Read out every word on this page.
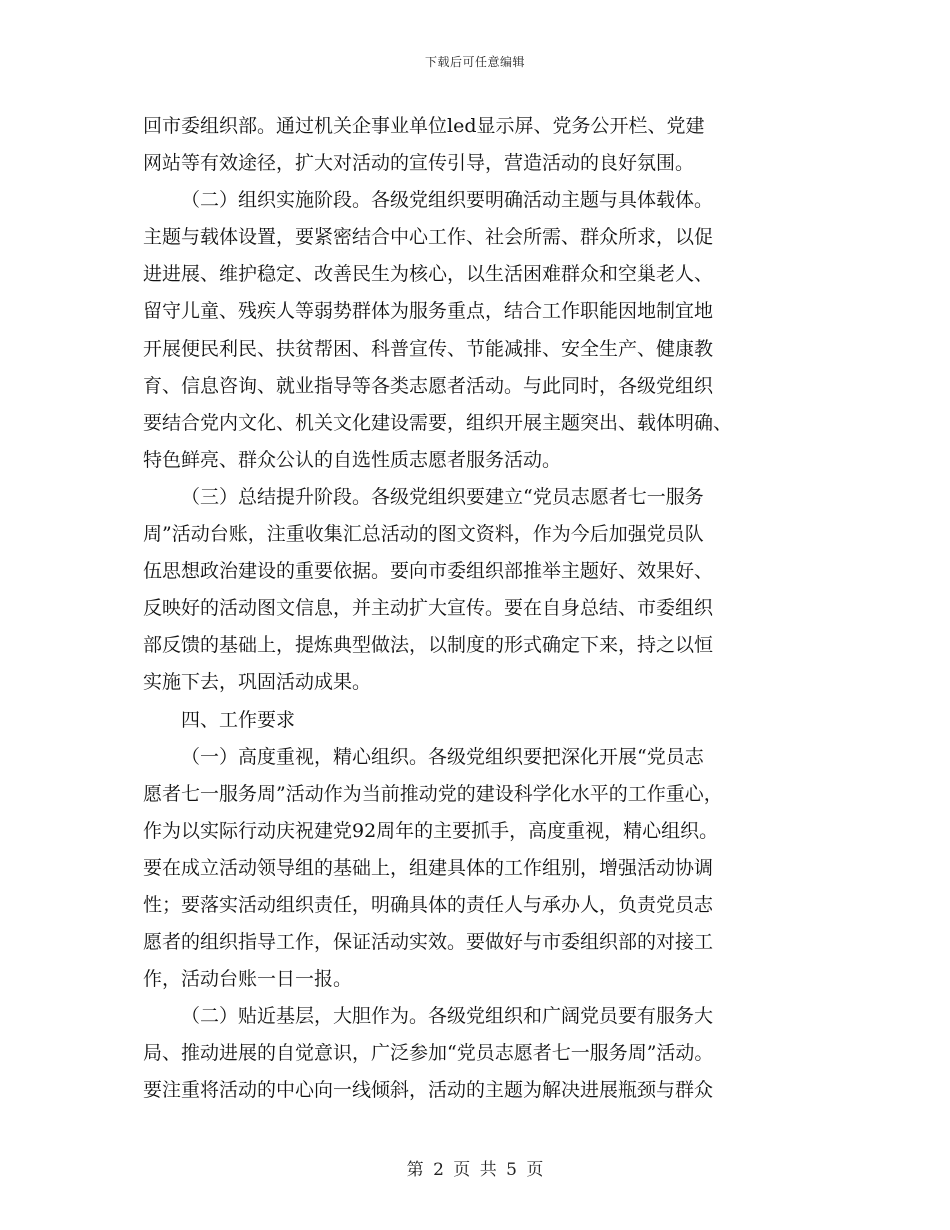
下载后可任意编辑
回市委组织部。通过机关企事业单位led显示屏、党务公开栏、党建
网站等有效途径，扩大对活动的宣传引导，营造活动的良好氛围。
（二）组织实施阶段。各级党组织要明确活动主题与具体载体。
主题与载体设置，要紧密结合中心工作、社会所需、群众所求，以促
进进展、维护稳定、改善民生为核心，以生活困难群众和空巢老人、
留守儿童、残疾人等弱势群体为服务重点，结合工作职能因地制宜地
开展便民利民、扶贫帮困、科普宣传、节能减排、安全生产、健康教
育、信息咨询、就业指导等各类志愿者活动。与此同时，各级党组织
要结合党内文化、机关文化建设需要，组织开展主题突出、载体明确、
特色鲜亮、群众公认的自选性质志愿者服务活动。
（三）总结提升阶段。各级党组织要建立“党员志愿者七一服务
周”活动台账，注重收集汇总活动的图文资料，作为今后加强党员队
伍思想政治建设的重要依据。要向市委组织部推举主题好、效果好、
反映好的活动图文信息，并主动扩大宣传。要在自身总结、市委组织
部反馈的基础上，提炼典型做法，以制度的形式确定下来，持之以恒
实施下去，巩固活动成果。
四、工作要求
（一）高度重视，精心组织。各级党组织要把深化开展“党员志
愿者七一服务周”活动作为当前推动党的建设科学化水平的工作重心，
作为以实际行动庆祝建党92周年的主要抓手，高度重视，精心组织。
要在成立活动领导组的基础上，组建具体的工作组别，增强活动协调
性；要落实活动组织责任，明确具体的责任人与承办人，负责党员志
愿者的组织指导工作，保证活动实效。要做好与市委组织部的对接工
作，活动台账一日一报。
（二）贴近基层，大胆作为。各级党组织和广阔党员要有服务大
局、推动进展的自觉意识，广泛参加“党员志愿者七一服务周”活动。
要注重将活动的中心向一线倾斜，活动的主题为解决进展瓶颈与群众
第 2 页 共 5 页
